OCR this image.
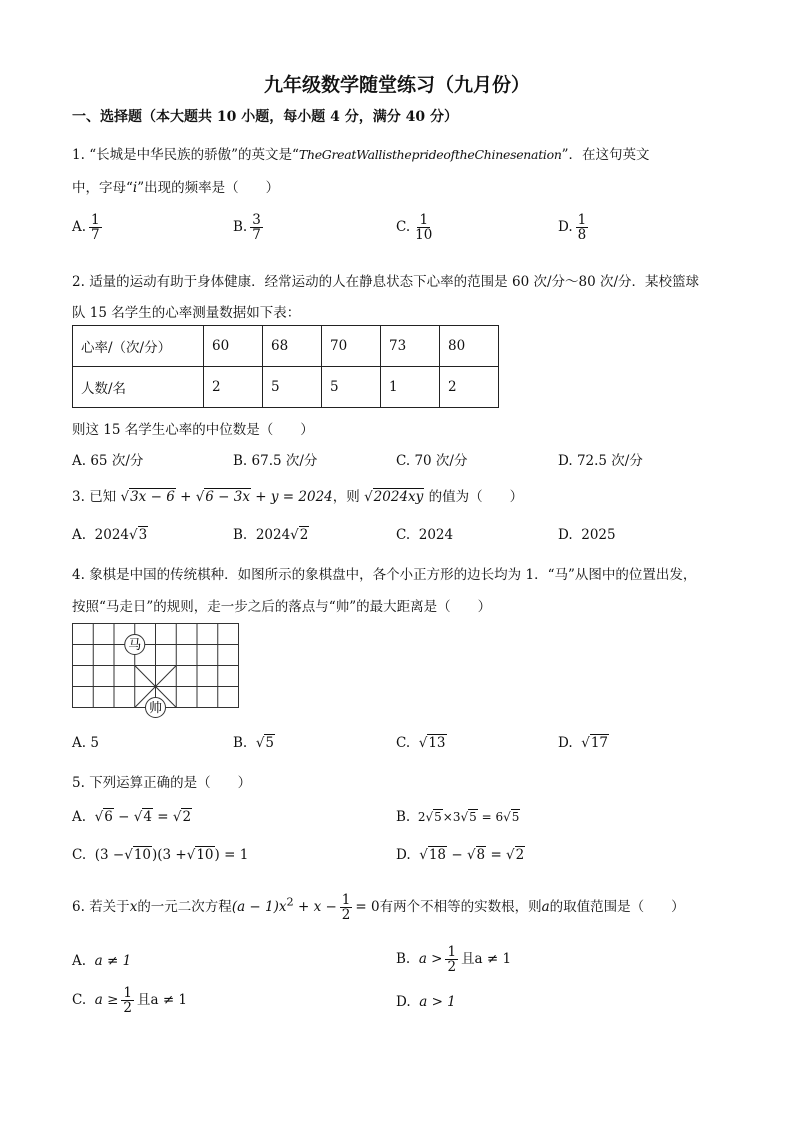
九年级数学随堂练习（九月份）
一、选择题（本大题共 10 小题，每小题 4 分，满分 40 分）
1. “长城是中华民族的骄傲”的英文是“TheGreatWallistheprideoftheChinesenation”．在这句英文
中，字母“i”出现的频率是（　　）
A. $\frac{1}{7}$	B. $\frac{3}{7}$	C. $\frac{1}{10}$	D. $\frac{1}{8}$
2. 适量的运动有助于身体健康．经常运动的人在静息状态下心率的范围是 60 次/分～80 次/分．某校篮球
队 15 名学生的心率测量数据如下表：
心率/（次/分）	60	68	70	73	80
人数/名	2	5	5	1	2
则这 15 名学生心率的中位数是（　　）
A. 65 次/分	B. 67.5 次/分	C. 70 次/分	D. 72.5 次/分
3. 已知 √3x − 6 + √6 − 3x + y = 2024，则 √2024xy 的值为（　　）
A. 2024√3	B. 2024√2	C. 2024	D. 2025
4. 象棋是中国的传统棋种．如图所示的象棋盘中，各个小正方形的边长均为 1．“马”从图中的位置出发，
按照“马走日”的规则，走一步之后的落点与“帅”的最大距离是（　　）
马
帅
A. 5	B. √5	C. √13	D. √17
5. 下列运算正确的是（　　）
A. √6 − √4 = √2	B. 2√5×3√5 = 6√5
C. (3 −√10)(3 +√10) = 1	D. √18 − √8 = √2
6. 若关于x的一元二次方程$(a - 1)x^2 + x - \frac{1}{2} = 0$有两个不相等的实数根，则a的取值范围是（　　）
A. a ≠ 1	B. $a > \frac{1}{2}$ 且a ≠ 1
C. $a \ge \frac{1}{2}$ 且a ≠ 1	D. a > 1
